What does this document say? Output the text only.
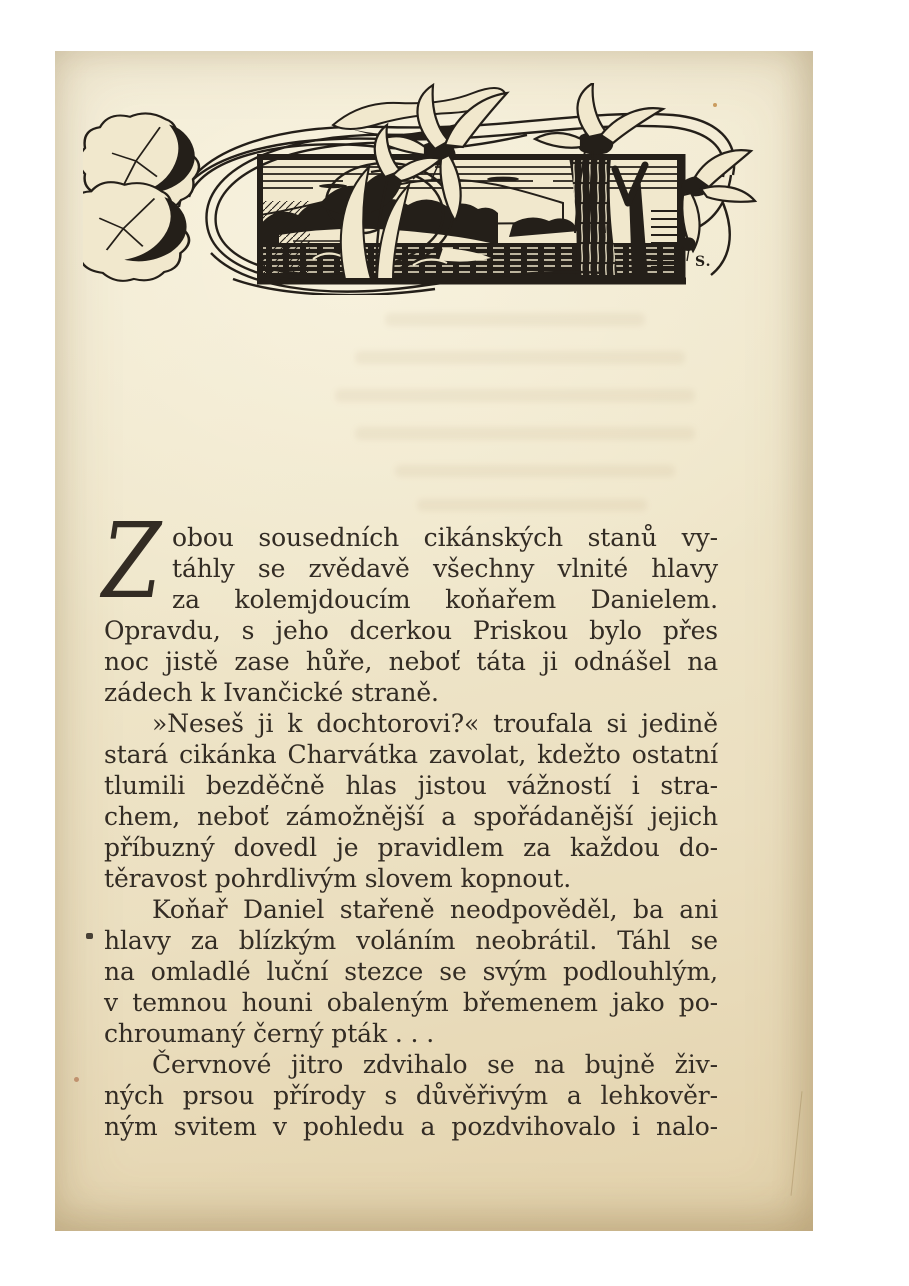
S.
Z obou sousedních cikánských stanů vy-
táhly se zvědavě všechny vlnité hlavy
za kolemjdoucím koňařem Danielem.
Opravdu, s jeho dcerkou Priskou bylo přes
noc jistě zase hůře, neboť táta ji odnášel na
zádech k Ivančické straně.
»Neseš ji k dochtorovi?« troufala si jedině
stará cikánka Charvátka zavolat, kdežto ostatní
tlumili bezděčně hlas jistou vážností i stra-
chem, neboť zámožnější a spořádanější jejich
příbuzný dovedl je pravidlem za každou do-
těravost pohrdlivým slovem kopnout.
Koňař Daniel stařeně neodpověděl, ba ani
hlavy za blízkým voláním neobrátil. Táhl se
na omladlé luční stezce se svým podlouhlým,
v temnou houni obaleným břemenem jako po-
chroumaný černý pták . . .
Červnové jitro zdvihalo se na bujně živ-
ných prsou přírody s důvěřivým a lehkověr-
ným svitem v pohledu a pozdvihovalo i nalo-
